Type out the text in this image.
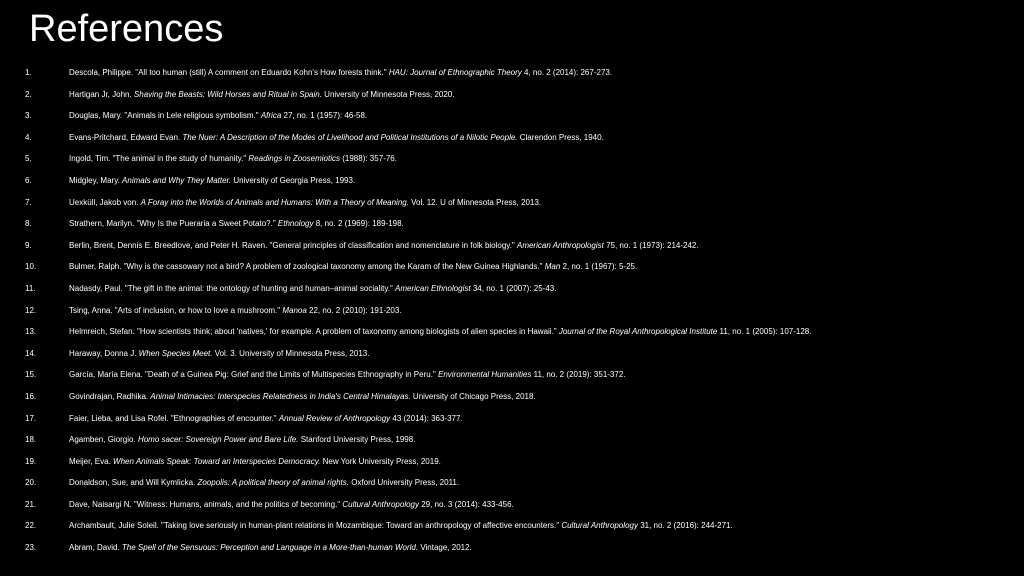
References
1.	Descola, Philippe. "All too human (still) A comment on Eduardo Kohn's How forests think." HAU: Journal of Ethnographic Theory 4, no. 2 (2014): 267-273.
2.	Hartigan Jr, John. Shaving the Beasts: Wild Horses and Ritual in Spain. University of Minnesota Press, 2020.
3.	Douglas, Mary. "Animals in Lele religious symbolism." Africa 27, no. 1 (1957): 46-58.
4.	Evans-Pritchard, Edward Evan. The Nuer: A Description of the Modes of Livelihood and Political Institutions of a Nilotic People. Clarendon Press, 1940.
5.	Ingold, Tim. "The animal in the study of humanity." Readings in Zoosemiotics (1988): 357-76.
6.	Midgley, Mary. Animals and Why They Matter. University of Georgia Press, 1993.
7.	Uexküll, Jakob von. A Foray into the Worlds of Animals and Humans: With a Theory of Meaning. Vol. 12. U of Minnesota Press, 2013.
8.	Strathern, Marilyn. "Why Is the Pueraria a Sweet Potato?." Ethnology 8, no. 2 (1969): 189-198.
9.	Berlin, Brent, Dennis E. Breedlove, and Peter H. Raven. "General principles of classification and nomenclature in folk biology." American Anthropologist 75, no. 1 (1973): 214-242.
10.	Bulmer, Ralph. "Why is the cassowary not a bird? A problem of zoological taxonomy among the Karam of the New Guinea Highlands." Man 2, no. 1 (1967): 5-25.
11.	Nadasdy, Paul. "The gift in the animal: the ontology of hunting and human–animal sociality." American Ethnologist 34, no. 1 (2007): 25-43.
12.	Tsing, Anna. "Arts of inclusion, or how to love a mushroom." Manoa 22, no. 2 (2010): 191-203.
13.	Helmreich, Stefan. "How scientists think; about 'natives,' for example. A problem of taxonomy among biologists of alien species in Hawaii." Journal of the Royal Anthropological Institute 11, no. 1 (2005): 107-128.
14.	Haraway, Donna J. When Species Meet. Vol. 3. University of Minnesota Press, 2013.
15.	García, María Elena. "Death of a Guinea Pig: Grief and the Limits of Multispecies Ethnography in Peru." Environmental Humanities 11, no. 2 (2019): 351-372.
16.	Govindrajan, Radhika. Animal Intimacies: Interspecies Relatedness in India's Central Himalayas. University of Chicago Press, 2018.
17.	Faier, Lieba, and Lisa Rofel. "Ethnographies of encounter." Annual Review of Anthropology 43 (2014): 363-377.
18.	Agamben, Giorgio. Homo sacer: Sovereign Power and Bare Life. Stanford University Press, 1998.
19.	Meijer, Eva. When Animals Speak: Toward an Interspecies Democracy. New York University Press, 2019.
20.	Donaldson, Sue, and Will Kymlicka. Zoopolis: A political theory of animal rights. Oxford University Press, 2011.
21.	Dave, Naisargi N. "Witness: Humans, animals, and the politics of becoming." Cultural Anthropology 29, no. 3 (2014): 433-456.
22.	Archambault, Julie Soleil. "Taking love seriously in human-plant relations in Mozambique: Toward an anthropology of affective encounters." Cultural Anthropology 31, no. 2 (2016): 244-271.
23.	Abram, David. The Spell of the Sensuous: Perception and Language in a More-than-human World. Vintage, 2012.
